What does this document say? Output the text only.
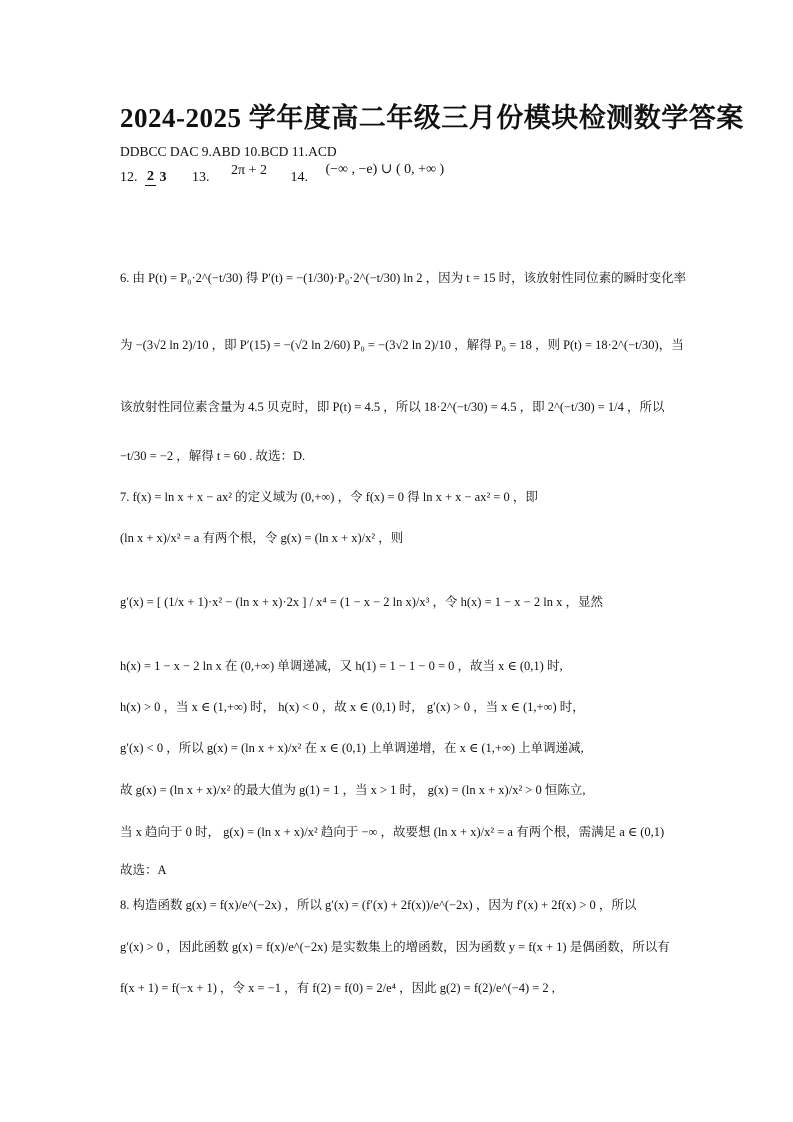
2024-2025 学年度高二年级三月份模块检测数学答案
DDBCC DAC 9.ABD 10.BCD 11.ACD
12. 2 3 13. 2π + 2 14. (−∞ , −e) ∪ ( 0, +∞ )
6. 由 P(t) = P₀·2^(−t/30) 得 P′(t) = −(1/30)·P₀·2^(−t/30) ln 2 ，因为 t = 15 时，该放射性同位素的瞬时变化率
为 −(3√2 ln 2)/10 ，即 P′(15) = −(√2 ln 2/60) P₀ = −(3√2 ln 2)/10 ，解得 P₀ = 18 ，则 P(t) = 18·2^(−t/30)，当
该放射性同位素含量为 4.5 贝克时，即 P(t) = 4.5 ，所以 18·2^(−t/30) = 4.5 ，即 2^(−t/30) = 1/4 ，所以
−t/30 = −2 ，解得 t = 60 . 故选：D.
7. f(x) = ln x + x − ax² 的定义域为 (0,+∞) ，令 f(x) = 0 得 ln x + x − ax² = 0 ，即
(ln x + x)/x² = a 有两个根，令 g(x) = (ln x + x)/x² ，则
g′(x) = [ (1/x + 1)·x² − (ln x + x)·2x ] / x⁴ = (1 − x − 2 ln x)/x³ ，令 h(x) = 1 − x − 2 ln x ，显然
h(x) = 1 − x − 2 ln x 在 (0,+∞) 单调递减，又 h(1) = 1 − 1 − 0 = 0 ，故当 x ∈ (0,1) 时,
h(x) > 0 ，当 x ∈ (1,+∞) 时， h(x) < 0 ，故 x ∈ (0,1) 时， g′(x) > 0 ，当 x ∈ (1,+∞) 时，
g′(x) < 0 ，所以 g(x) = (ln x + x)/x² 在 x ∈ (0,1) 上单调递增，在 x ∈ (1,+∞) 上单调递减,
故 g(x) = (ln x + x)/x² 的最大值为 g(1) = 1 ，当 x > 1 时， g(x) = (ln x + x)/x² > 0 恒陈立,
当 x 趋向于 0 时， g(x) = (ln x + x)/x² 趋向于 −∞ ，故要想 (ln x + x)/x² = a 有两个根，需满足 a ∈ (0,1)
故选：A
8. 构造函数 g(x) = f(x)/e^(−2x) ，所以 g′(x) = (f′(x) + 2f(x))/e^(−2x) ，因为 f′(x) + 2f(x) > 0 ，所以
g′(x) > 0 ，因此函数 g(x) = f(x)/e^(−2x) 是实数集上的增函数，因为函数 y = f(x + 1) 是偶函数，所以有
f(x + 1) = f(−x + 1) ，令 x = −1 ，有 f(2) = f(0) = 2/e⁴ ，因此 g(2) = f(2)/e^(−4) = 2 ,
